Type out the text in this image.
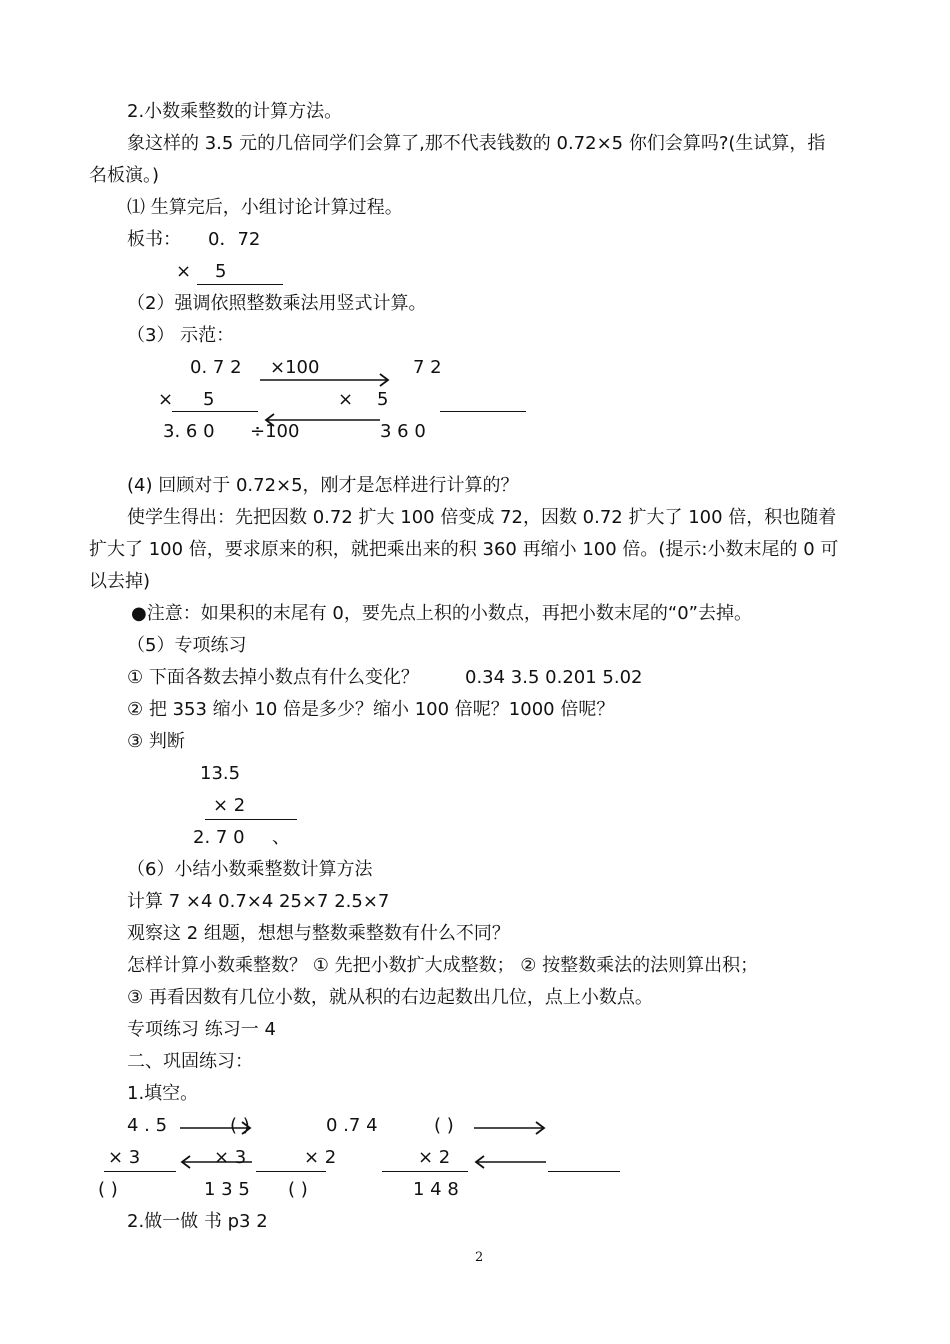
2.小数乘整数的计算方法。
象这样的 3.5 元的几倍同学们会算了,那不代表钱数的 0.72×5 你们会算吗?(生试算，指
名板演。)
⑴ 生算完后，小组讨论计算过程。
板书： 0．72
× 5
（2）强调依照整数乘法用竖式计算。
（3） 示范：
0. 7 2 ×100	7 2
× 5	× 5
3. 6 0 ÷100	3 6 0
(4) 回顾对于 0.72×5，刚才是怎样进行计算的？
使学生得出：先把因数 0.72 扩大 100 倍变成 72，因数 0.72 扩大了 100 倍，积也随着
扩大了 100 倍，要求原来的积，就把乘出来的积 360 再缩小 100 倍。(提示:小数末尾的 0 可
以去掉)
●注意：如果积的末尾有 0，要先点上积的小数点，再把小数末尾的“0”去掉。
（5）专项练习
① 下面各数去掉小数点有什么变化？	0.34 3.5 0.201 5.02
② 把 353 缩小 10 倍是多少？缩小 100 倍呢？1000 倍呢？
③ 判断
13.5
× 2
2. 7 0 、
（6）小结小数乘整数计算方法
计算 7 ×4 0.7×4 25×7 2.5×7
观察这 2 组题，想想与整数乘整数有什么不同？
怎样计算小数乘整数？ ① 先把小数扩大成整数； ② 按整数乘法的法则算出积；
③ 再看因数有几位小数，就从积的右边起数出几位，点上小数点。
专项练习 练习一 4
二、巩固练习：
1.填空。
4 . 5	( )	0 .7 4	( )
× 3	× 3	× 2	× 2
( )	1 3 5 ( )	1 4 8
2.做一做 书 p3 2
2
